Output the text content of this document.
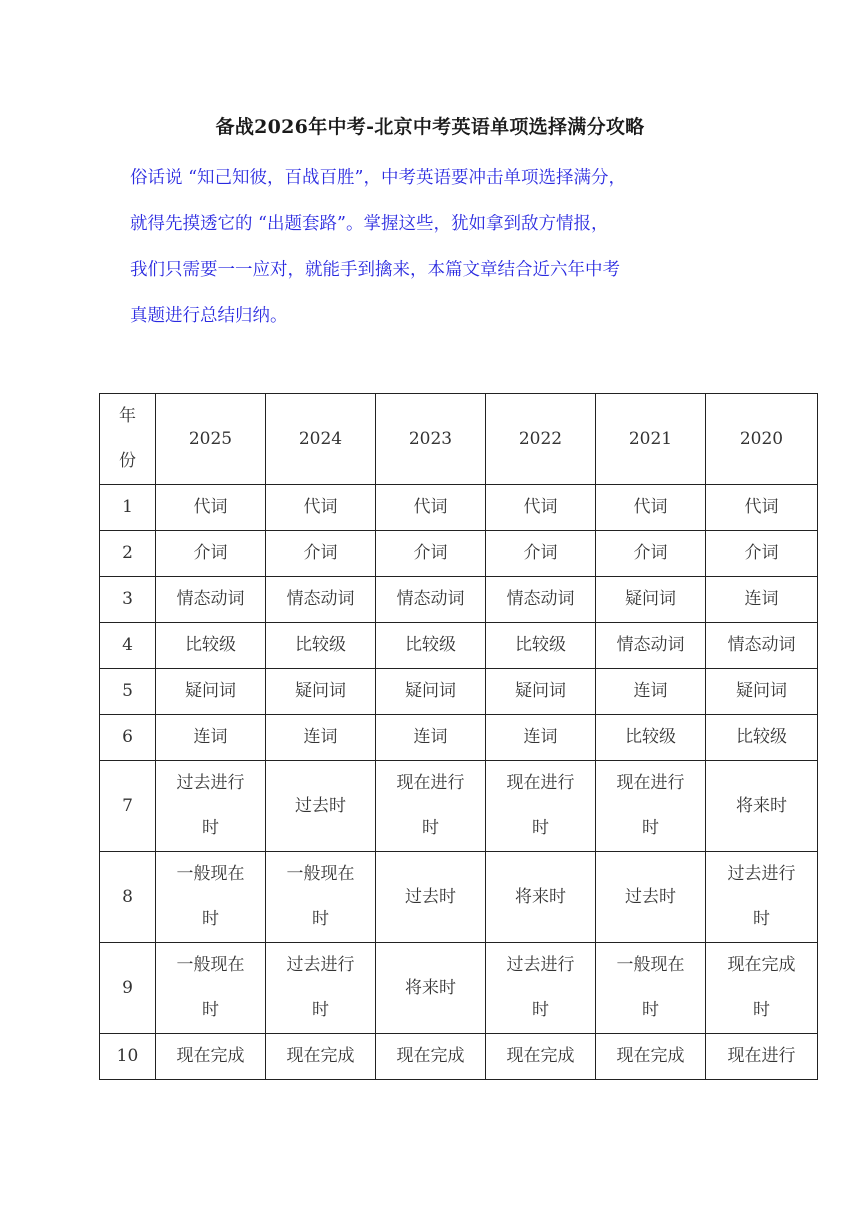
备战2026年中考-北京中考英语单项选择满分攻略

俗话说 “知己知彼，百战百胜”，中考英语要冲击单项选择满分，

就得先摸透它的 “出题套路”。掌握这些，犹如拿到敌方情报，

我们只需要一一应对，就能手到擒来，本篇文章结合近六年中考

真题进行总结归纳。

年
份	2025	2024	2023	2022	2021	2020
1	代词	代词	代词	代词	代词	代词

2	介词	介词	介词	介词	介词	介词

3	情态动词	情态动词	情态动词	情态动词	疑问词	连词

4	比较级	比较级	比较级	比较级	情态动词	情态动词

5	疑问词	疑问词	疑问词	疑问词	连词	疑问词

6	连词	连词	连词	连词	比较级	比较级

7	过去进行
时	过去时	现在进行
时	现在进行
时	现在进行
时	将来时

8	一般现在
时	一般现在
时	过去时	将来时	过去时	过去进行
时

9	一般现在
时	过去进行
时	将来时	过去进行
时	一般现在
时	现在完成
时

10	现在完成	现在完成	现在完成	现在完成	现在完成	现在进行
